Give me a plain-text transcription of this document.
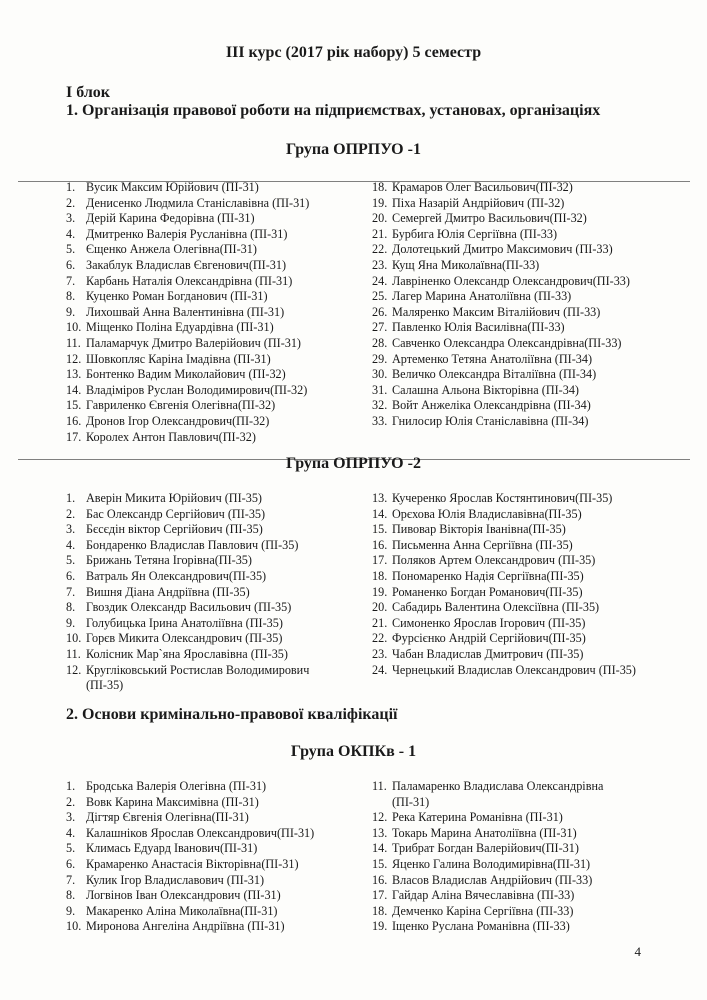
ІІІ курс (2017 рік набору) 5 семестр
І блок
1. Організація правової роботи на підприємствах, установах, організаціях
Група ОПРПУО -1
1. Вусик Максим Юрійович (ПІ-31)
2. Денисенко Людмила Станіславівна (ПІ-31)
3. Дерій Карина Федорівна (ПІ-31)
4. Дмитренко Валерія Русланівна (ПІ-31)
5. Єщенко Анжела Олегівна(ПІ-31)
6. Закаблук Владислав Євгенович(ПІ-31)
7. Карбань Наталія Олександрівна (ПІ-31)
8. Куценко Роман Богданович (ПІ-31)
9. Лихошвай Анна Валентинівна (ПІ-31)
10. Міщенко Поліна Едуардівна (ПІ-31)
11. Паламарчук Дмитро Валерійович (ПІ-31)
12. Шовкопляс Каріна Імадівна (ПІ-31)
13. Бонтенко Вадим Миколайович (ПІ-32)
14. Владіміров Руслан Володимирович(ПІ-32)
15. Гавриленко Євгенія Олегівна(ПІ-32)
16. Дронов Ігор Олександрович(ПІ-32)
17. Королех Антон Павлович(ПІ-32)
18. Крамаров Олег Васильович(ПІ-32)
19. Піха Назарій Андрійович (ПІ-32)
20. Семергей Дмитро Васильович(ПІ-32)
21. Бурбига Юлія Сергіївна (ПІ-33)
22. Долотецький Дмитро Максимович (ПІ-33)
23. Кущ Яна Миколаївна(ПІ-33)
24. Лавріненко Олександр Олександрович(ПІ-33)
25. Лагер Марина Анатоліївна (ПІ-33)
26. Маляренко Максим Віталійович (ПІ-33)
27. Павленко Юлія Василівна(ПІ-33)
28. Савченко Олександра Олександрівна(ПІ-33)
29. Артеменко Тетяна Анатоліївна (ПІ-34)
30. Величко Олександра Віталіївна (ПІ-34)
31. Салашна Альона Вікторівна (ПІ-34)
32. Войт Анжеліка Олександрівна (ПІ-34)
33. Гнилосир Юлія Станіславівна (ПІ-34)
Група ОПРПУО -2
1. Аверін Микита Юрійович (ПІ-35)
2. Бас Олександр Сергійович (ПІ-35)
3. Бєсєдін віктор Сергійович (ПІ-35)
4. Бондаренко Владислав Павлович (ПІ-35)
5. Брижань Тетяна Ігорівна(ПІ-35)
6. Ватраль Ян Олександрович(ПІ-35)
7. Вишня Діана Андріївна (ПІ-35)
8. Гвоздик Олександр Васильович (ПІ-35)
9. Голубицька Ірина Анатоліївна (ПІ-35)
10. Горєв Микита Олександрович (ПІ-35)
11. Колісник Мар`яна Ярославівна (ПІ-35)
12. Кругліковський Ростислав Володимирович
(ПІ-35)
13. Кучеренко Ярослав Костянтинович(ПІ-35)
14. Орєхова Юлія Владиславівна(ПІ-35)
15. Пивовар Вікторія Іванівна(ПІ-35)
16. Письменна Анна Сергіївна (ПІ-35)
17. Поляков Артем Олександрович (ПІ-35)
18. Пономаренко Надія Сергіївна(ПІ-35)
19. Романенко Богдан Романович(ПІ-35)
20. Сабадирь Валентина Олексіївна (ПІ-35)
21. Симоненко Ярослав Ігорович (ПІ-35)
22. Фурсієнко Андрій Сергійович(ПІ-35)
23. Чабан Владислав Дмитрович (ПІ-35)
24. Чернецький Владислав Олександрович (ПІ-35)
2. Основи кримінально-правової кваліфікації
Група ОКПКв - 1
1. Бродська Валерія Олегівна (ПІ-31)
2. Вовк Карина Максимівна (ПІ-31)
3. Дігтяр Євгенія Олегівна(ПІ-31)
4. Калашніков Ярослав Олександрович(ПІ-31)
5. Климась Едуард Іванович(ПІ-31)
6. Крамаренко Анастасія Вікторівна(ПІ-31)
7. Кулик Ігор Владиславович (ПІ-31)
8. Логвінов Іван Олександрович (ПІ-31)
9. Макаренко Аліна Миколаївна(ПІ-31)
10. Миронова Ангеліна Андріївна (ПІ-31)
11. Паламаренко Владислава Олександрівна
(ПІ-31)
12. Река Катерина Романівна (ПІ-31)
13. Токарь Марина Анатоліївна (ПІ-31)
14. Трибрат Богдан Валерійович(ПІ-31)
15. Яценко Галина Володимирівна(ПІ-31)
16. Власов Владислав Андрійович (ПІ-33)
17. Гайдар Аліна Вячеславівна (ПІ-33)
18. Демченко Каріна Сергіївна (ПІ-33)
19. Іщенко Руслана Романівна (ПІ-33)
4
